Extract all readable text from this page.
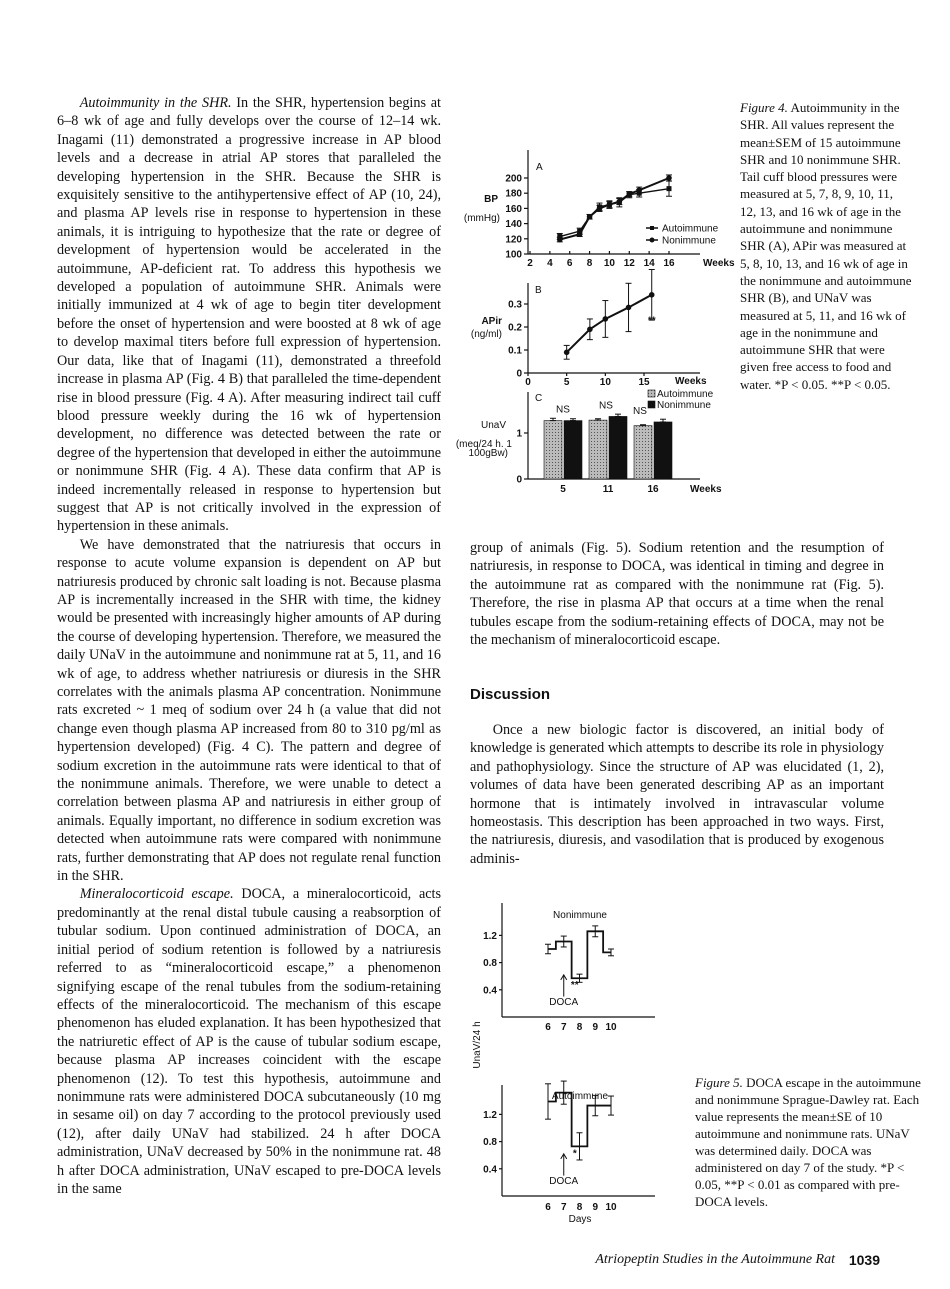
Autoimmunity in the SHR. In the SHR, hypertension begins at 6–8 wk of age and fully develops over the course of 12–14 wk. Inagami (11) demonstrated a progressive increase in AP blood levels and a decrease in atrial AP stores that paralleled the developing hypertension in the SHR. Because the SHR is exquisitely sensitive to the antihypertensive effect of AP (10, 24), and plasma AP levels rise in response to hypertension in these animals, it is intriguing to hypothesize that the rate or degree of development of hypertension would be accelerated in the autoimmune, AP-deficient rat. To address this hypothesis we developed a population of autoimmune SHR. Animals were initially immunized at 4 wk of age to begin titer development before the onset of hypertension and were boosted at 8 wk of age to develop maximal titers before full expression of hypertension. Our data, like that of Inagami (11), demonstrated a threefold increase in plasma AP (Fig. 4 B) that paralleled the time-dependent rise in blood pressure (Fig. 4 A). After measuring indirect tail cuff blood pressure weekly during the 16 wk of hypertension development, no difference was detected between the rate or degree of the hypertension that developed in either the autoimmune or nonimmune SHR (Fig. 4 A). These data confirm that AP is indeed incrementally released in response to hypertension but suggest that AP is not critically involved in the expression of hypertension in these animals.

We have demonstrated that the natriuresis that occurs in response to acute volume expansion is dependent on AP but natriuresis produced by chronic salt loading is not. Because plasma AP is incrementally increased in the SHR with time, the kidney would be presented with increasingly higher amounts of AP during the course of developing hypertension. Therefore, we measured the daily UNaV in the autoimmune and nonimmune rat at 5, 11, and 16 wk of age, to address whether natriuresis or diuresis in the SHR correlates with the animals plasma AP concentration. Nonimmune rats excreted ~ 1 meq of sodium over 24 h (a value that did not change even though plasma AP increased from 80 to 310 pg/ml as hypertension developed) (Fig. 4 C). The pattern and degree of sodium excretion in the autoimmune rats were identical to that of the nonimmune animals. Therefore, we were unable to detect a correlation between plasma AP and natriuresis in either group of animals. Equally important, no difference in sodium excretion was detected when autoimmune rats were compared with nonimmune rats, further demonstrating that AP does not regulate renal function in the SHR.

Mineralocorticoid escape. DOCA, a mineralocorticoid, acts predominantly at the renal distal tubule causing a reabsorption of tubular sodium. Upon continued administration of DOCA, an initial period of sodium retention is followed by a natriuresis referred to as “mineralocorticoid escape,” a phenomenon signifying escape of the renal tubules from the sodium-retaining effects of the mineralocorticoid. The mechanism of this escape phenomenon has eluded explanation. It has been hypothesized that the natriuretic effect of AP is the cause of tubular sodium escape, because plasma AP increases coincident with the escape phenomenon (12). To test this hypothesis, autoimmune and nonimmune rats were administered DOCA subcutaneously (10 mg in sesame oil) on day 7 according to the protocol previously used (12), after daily UNaV had stabilized. 24 h after DOCA administration, UNaV decreased by 50% in the nonimmune rat. 48 h after DOCA administration, UNaV escaped to pre-DOCA levels in the same

group of animals (Fig. 5). Sodium retention and the resumption of natriuresis, in response to DOCA, was identical in timing and degree in the autoimmune rat as compared with the nonimmune rat (Fig. 5). Therefore, the rise in plasma AP that occurs at a time when the renal tubules escape from the sodium-retaining effects of DOCA, may not be the mechanism of mineralocorticoid escape.

Discussion

Once a new biologic factor is discovered, an initial body of knowledge is generated which attempts to describe its role in physiology and pathophysiology. Since the structure of AP was elucidated (1, 2), volumes of data have been generated describing AP as an important hormone that is intimately involved in intravascular volume homeostasis. This description has been approached in two ways. First, the natriuresis, diuresis, and vasodilation that is produced by exogenous adminis-

Figure 4. Autoimmunity in the SHR. All values represent the mean±SEM of 15 autoimmune SHR and 10 nonimmune SHR. Tail cuff blood pressures were measured at 5, 7, 8, 9, 10, 11, 12, 13, and 16 wk of age in the autoimmune and nonimmune SHR (A), APir was measured at 5, 8, 10, 13, and 16 wk of age in the nonimmune and autoimmune SHR (B), and UNaV was measured at 5, 11, and 16 wk of age in the nonimmune and autoimmune SHR that were given free access to food and water. *P < 0.05. **P < 0.05.
Figure 5. DOCA escape in the autoimmune and nonimmune Sprague-Dawley rat. Each value represents the mean±SE of 10 autoimmune and nonimmune rats. UNaV was determined daily. DOCA was administered on day 7 of the study. *P < 0.05, **P < 0.01 as compared with pre-DOCA levels.
Atriopeptin Studies in the Autoimmune Rat 1039
100
120
140
160
180
200
2 4 6 8 10 12 14 16	Weeks
A
BP
(mmHg)
Autoimmune
Nonimmune
0
0.1
0.2
0.3
0	5	10	15	Weeks
B
APir
(ng/ml)
**
0
1
C
UnaV
(meq/24 h. 1
100gBw)
NS
5
NS
11
NS
16	Weeks
Autoimmune
Nonimmune
0.4
0.8
1.2
6 7 8 9 10
Nonimmune
DOCA
**
0.4
0.8
1.2
6 7 8 9 10
Autoimmune
DOCA
*
Days
UnaV/24 h
